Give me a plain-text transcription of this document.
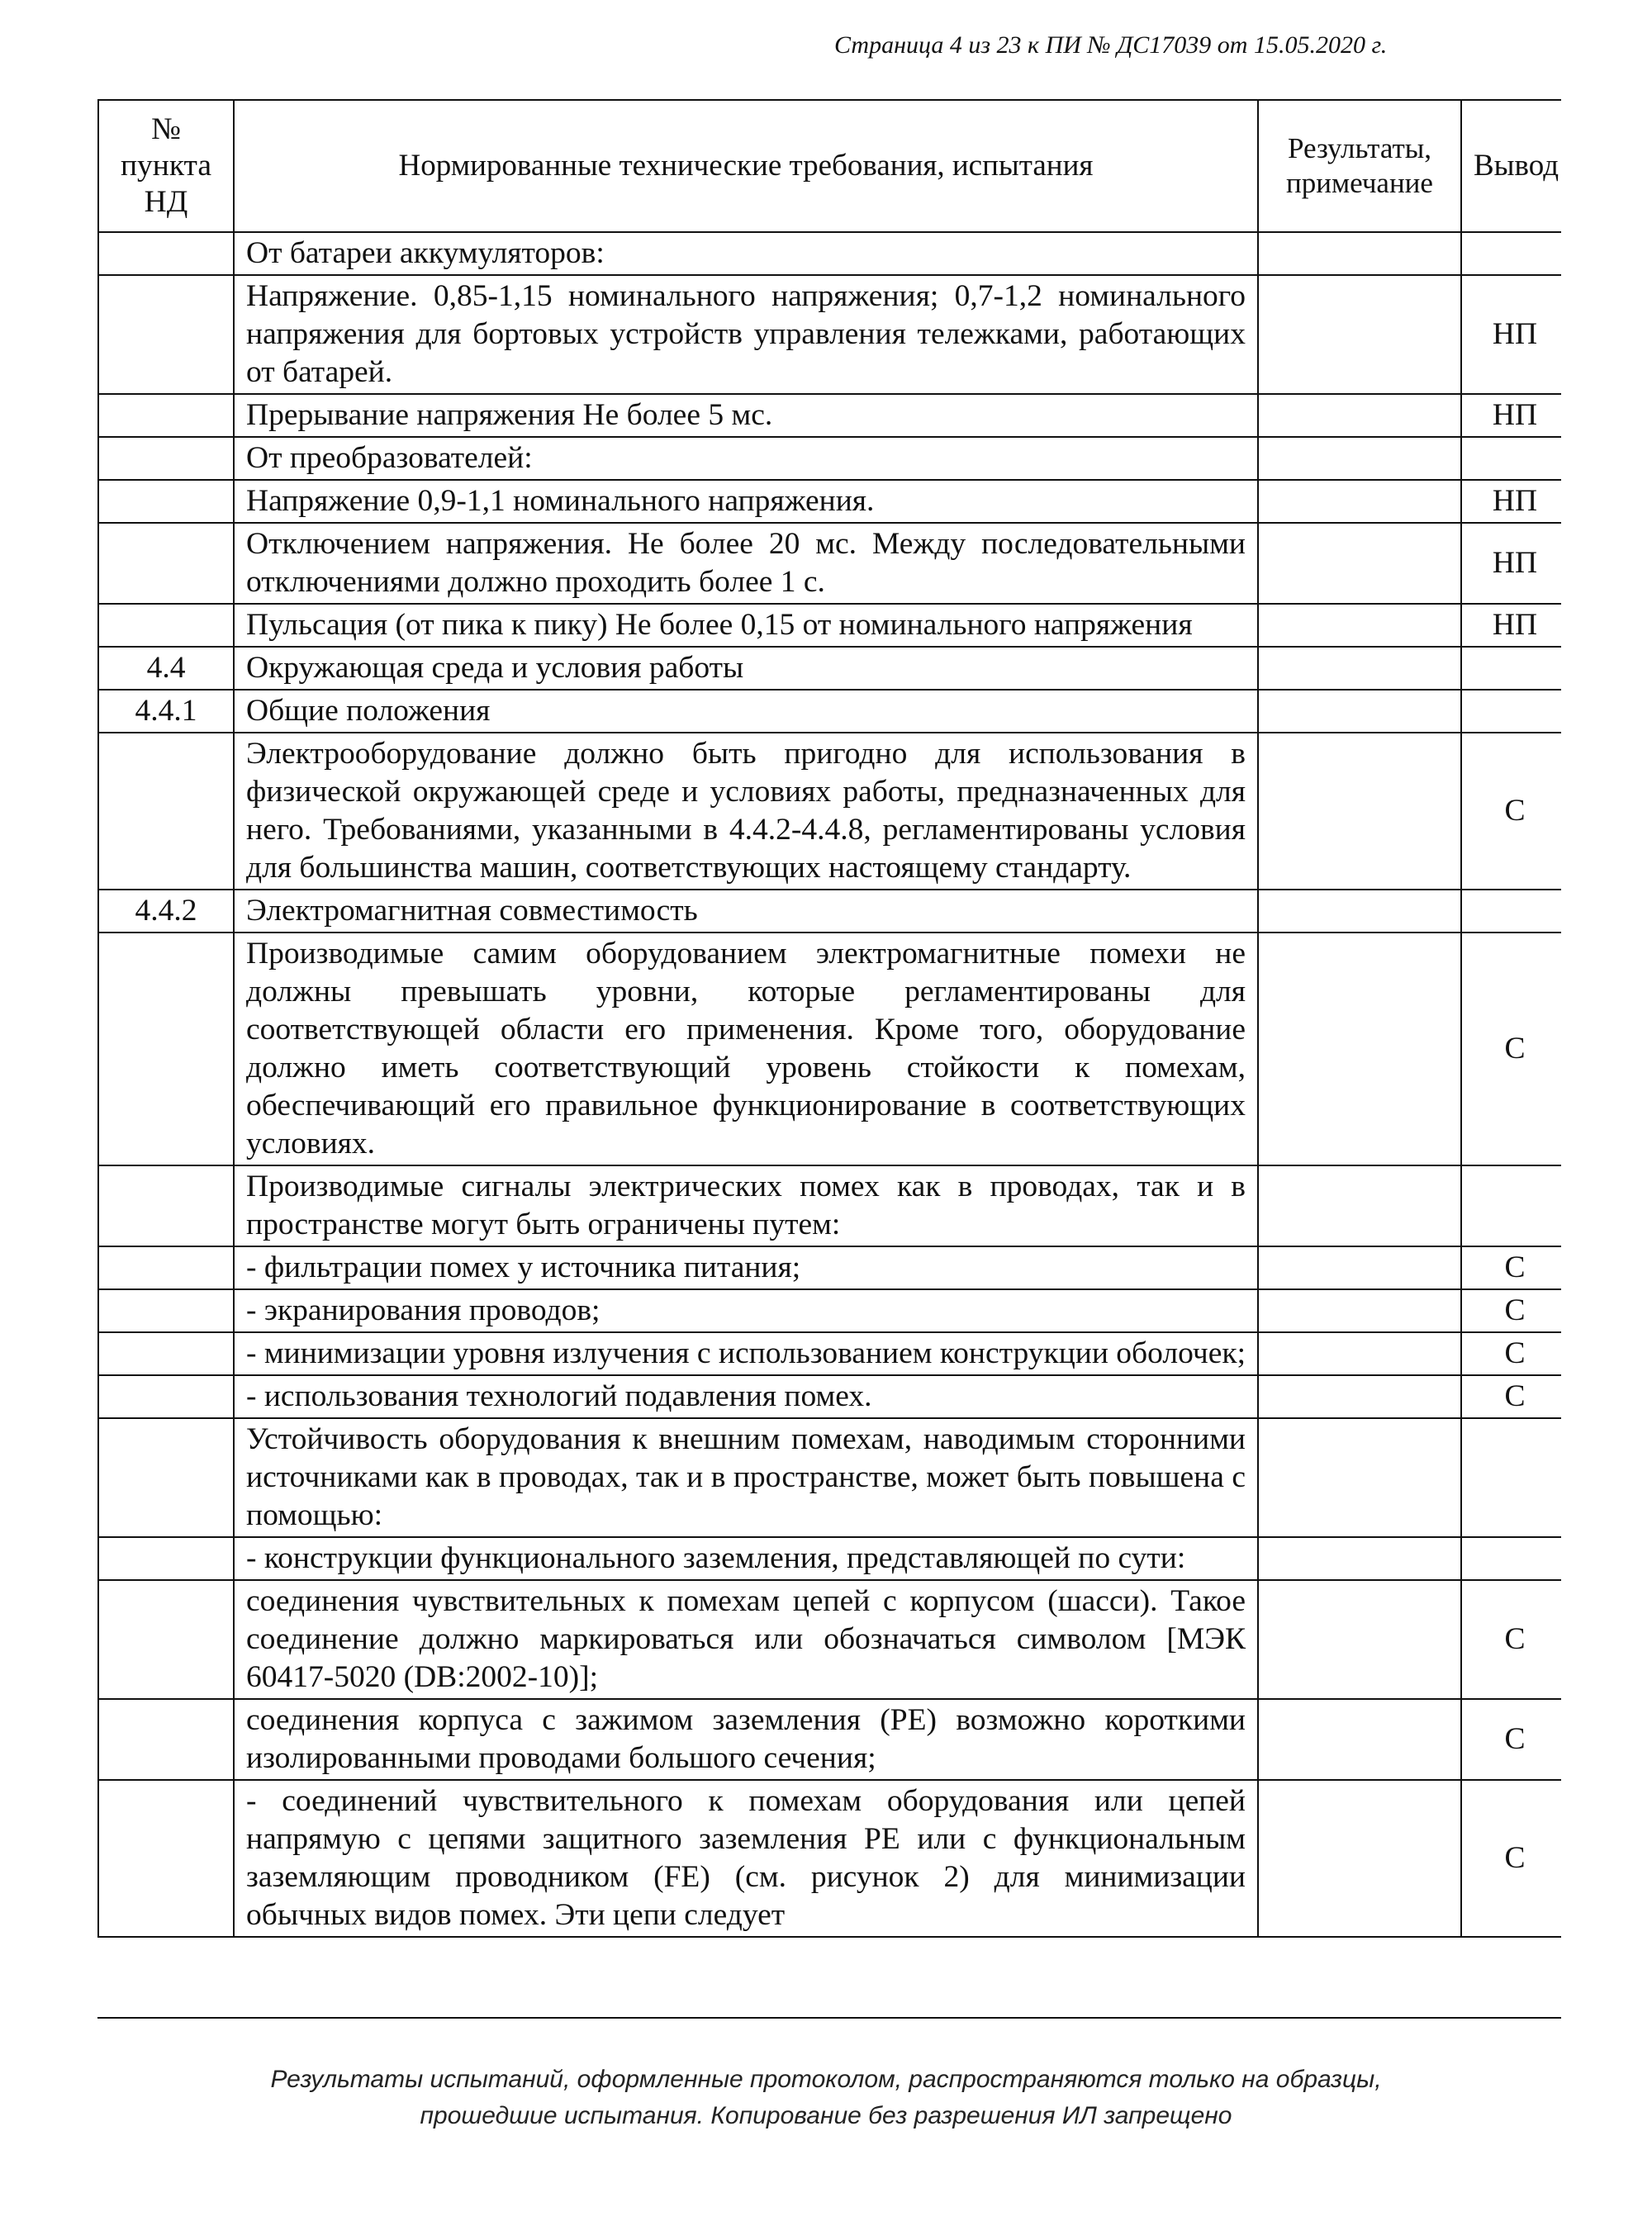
Страница 4 из 23 к ПИ № ДС17039 от 15.05.2020 г.
№ пункта НД	Нормированные технические требования, испытания	Результаты, примечание	Вывод
	От батареи аккумуляторов:		
	Напряжение. 0,85-1,15 номинального напряжения; 0,7-1,2 номинального напряжения для бортовых устройств управления тележками, работающих от батарей.		НП
	Прерывание напряжения Не более 5 мс.		НП
	От преобразователей:		
	Напряжение 0,9-1,1 номинального напряжения.		НП
	Отключением напряжения. Не более 20 мс. Между последовательными отключениями должно проходить более 1 с.		НП
	Пульсация (от пика к пику) Не более 0,15 от номинального напряжения		НП
4.4	Окружающая среда и условия работы		
4.4.1	Общие положения		
	Электрооборудование должно быть пригодно для использования в физической окружающей среде и условиях работы, предназначенных для него. Требованиями, указанными в 4.4.2-4.4.8, регламентированы условия для большинства машин, соответствующих настоящему стандарту.		С
4.4.2	Электромагнитная совместимость		
	Производимые самим оборудованием электромагнитные помехи не должны превышать уровни, которые регламентированы для соответствующей области его применения. Кроме того, оборудование должно иметь соответствующий уровень стойкости к помехам, обеспечивающий его правильное функционирование в соответствующих условиях.		С
	Производимые сигналы электрических помех как в проводах, так и в пространстве могут быть ограничены путем:		
	- фильтрации помех у источника питания;		С
	- экранирования проводов;		С
	- минимизации уровня излучения с использованием конструкции оболочек;		С
	- использования технологий подавления помех.		С
	Устойчивость оборудования к внешним помехам, наводимым сторонними источниками как в проводах, так и в пространстве, может быть повышена с помощью:		
	- конструкции функционального заземления, представляющей по сути:		
	соединения чувствительных к помехам цепей с корпусом (шасси). Такое соединение должно маркироваться или обозначаться символом [МЭК 60417-5020 (DB:2002-10)];		С
	соединения корпуса с зажимом заземления (РЕ) возможно короткими изолированными проводами большого сечения;		С
	- соединений чувствительного к помехам оборудования или цепей напрямую с цепями защитного заземления РЕ или с функциональным заземляющим проводником (FE) (см. рисунок 2) для минимизации обычных видов помех. Эти цепи следует		С
Результаты испытаний, оформленные протоколом, распространяются только на образцы,
прошедшие испытания. Копирование без разрешения ИЛ запрещено
